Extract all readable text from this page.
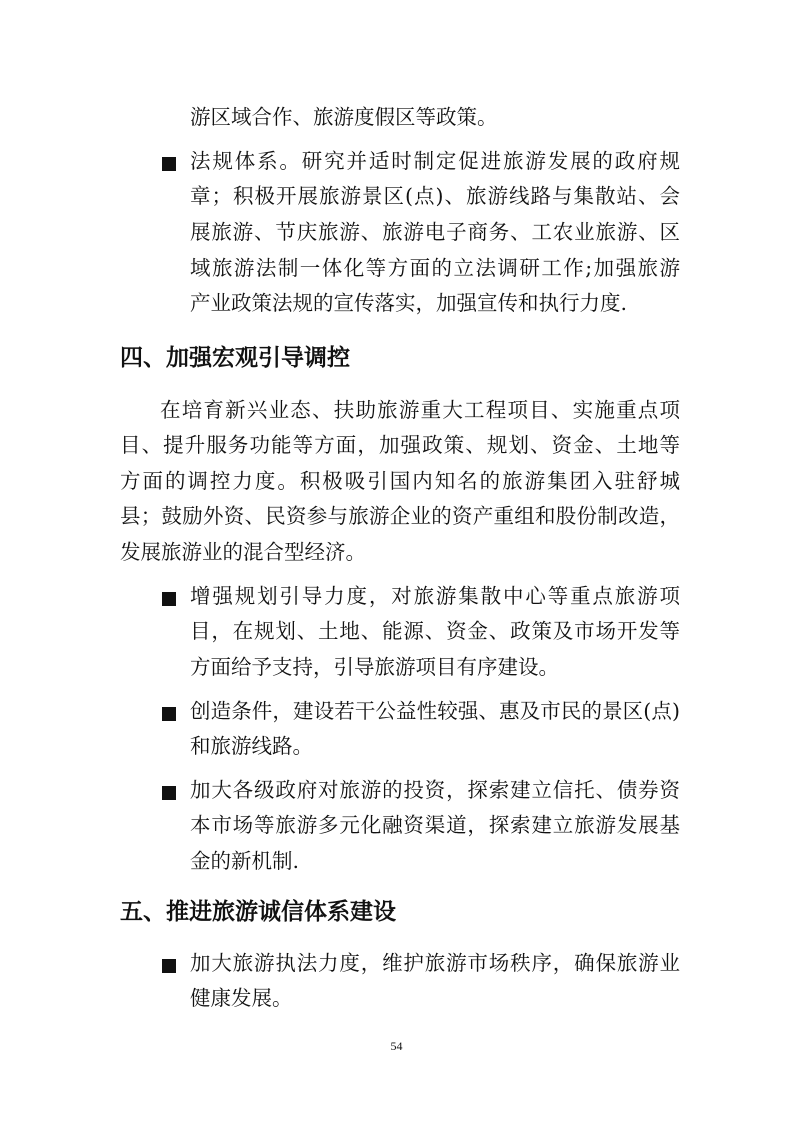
游区域合作、旅游度假区等政策。
法规体系。研究并适时制定促进旅游发展的政府规
章；积极开展旅游景区(点)、旅游线路与集散站、会
展旅游、节庆旅游、旅游电子商务、工农业旅游、区
域旅游法制一体化等方面的立法调研工作;加强旅游
产业政策法规的宣传落实，加强宣传和执行力度.
四、加强宏观引导调控
在培育新兴业态、扶助旅游重大工程项目、实施重点项
目、提升服务功能等方面，加强政策、规划、资金、土地等
方面的调控力度。积极吸引国内知名的旅游集团入驻舒城
县；鼓励外资、民资参与旅游企业的资产重组和股份制改造，
发展旅游业的混合型经济。
增强规划引导力度，对旅游集散中心等重点旅游项
目，在规划、土地、能源、资金、政策及市场开发等
方面给予支持，引导旅游项目有序建设。
创造条件，建设若干公益性较强、惠及市民的景区(点)
和旅游线路。
加大各级政府对旅游的投资，探索建立信托、债券资
本市场等旅游多元化融资渠道，探索建立旅游发展基
金的新机制.
五、推进旅游诚信体系建设
加大旅游执法力度，维护旅游市场秩序，确保旅游业
健康发展。
54
